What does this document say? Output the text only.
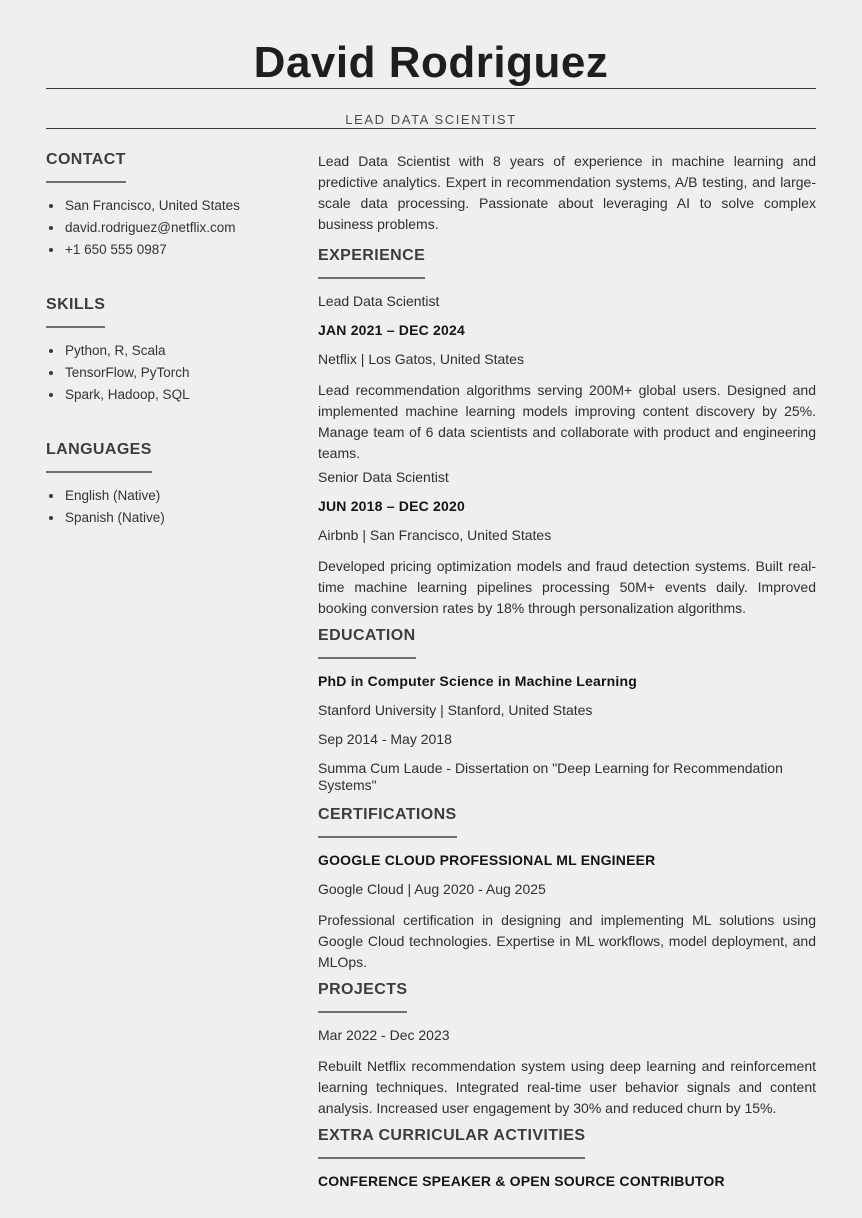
David Rodriguez
LEAD DATA SCIENTIST
CONTACT
San Francisco, United States
david.rodriguez@netflix.com
+1 650 555 0987
SKILLS
Python, R, Scala
TensorFlow, PyTorch
Spark, Hadoop, SQL
LANGUAGES
English (Native)
Spanish (Native)

Lead Data Scientist with 8 years of experience in machine learning and predictive analytics. Expert in recommendation systems, A/B testing, and large-scale data processing. Passionate about leveraging AI to solve complex business problems.

EXPERIENCE

Lead Data Scientist

JAN 2021 – DEC 2024

Netflix | Los Gatos, United States

Lead recommendation algorithms serving 200M+ global users. Designed and implemented machine learning models improving content discovery by 25%. Manage team of 6 data scientists and collaborate with product and engineering teams.

Senior Data Scientist

JUN 2018 – DEC 2020

Airbnb | San Francisco, United States

Developed pricing optimization models and fraud detection systems. Built real-time machine learning pipelines processing 50M+ events daily. Improved booking conversion rates by 18% through personalization algorithms.

EDUCATION

PhD in Computer Science in Machine Learning

Stanford University | Stanford, United States

Sep 2014 - May 2018

Summa Cum Laude - Dissertation on "Deep Learning for Recommendation Systems"

CERTIFICATIONS

GOOGLE CLOUD PROFESSIONAL ML ENGINEER

Google Cloud | Aug 2020 - Aug 2025

Professional certification in designing and implementing ML solutions using Google Cloud technologies. Expertise in ML workflows, model deployment, and MLOps.

PROJECTS

Mar 2022 - Dec 2023

Rebuilt Netflix recommendation system using deep learning and reinforcement learning techniques. Integrated real-time user behavior signals and content analysis. Increased user engagement by 30% and reduced churn by 15%.

EXTRA CURRICULAR ACTIVITIES

CONFERENCE SPEAKER & OPEN SOURCE CONTRIBUTOR
